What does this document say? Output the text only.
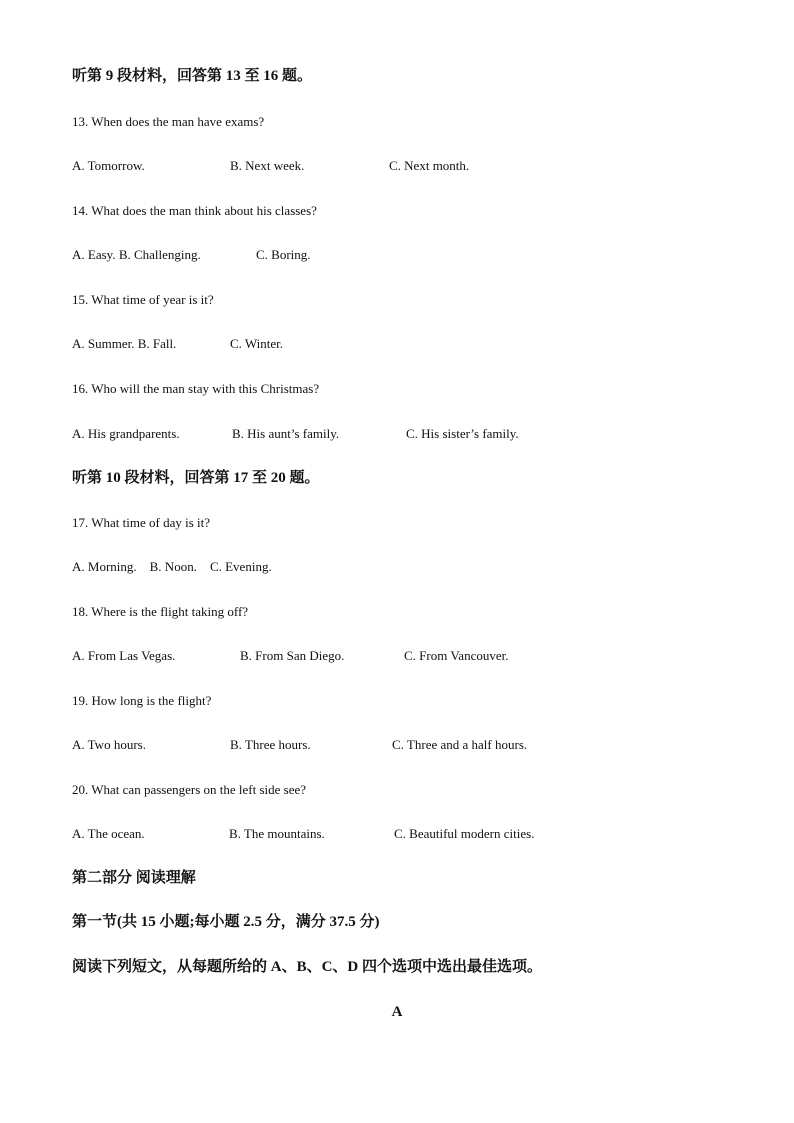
听第 9 段材料，回答第 13 至 16 题。
13. When does the man have exams?
A. Tomorrow.	B. Next week.	C. Next month.
14. What does the man think about his classes?
A. Easy. B. Challenging.	C. Boring.
15. What time of year is it?
A. Summer. B. Fall.	C. Winter.
16. Who will the man stay with this Christmas?
A. His grandparents.	B. His aunt’s family.	C. His sister’s family.
听第 10 段材料，回答第 17 至 20 题。
17. What time of day is it?
A. Morning.    B. Noon.    C. Evening.
18. Where is the flight taking off?
A. From Las Vegas.	B. From San Diego.	C. From Vancouver.
19. How long is the flight?
A. Two hours.	B. Three hours.	C. Three and a half hours.
20. What can passengers on the left side see?
A. The ocean.	B. The mountains.	C. Beautiful modern cities.
第二部分 阅读理解
第一节(共 15 小题;每小题 2.5 分，满分 37.5 分)
阅读下列短文，从每题所给的 A、B、C、D 四个选项中选出最佳选项。
A
